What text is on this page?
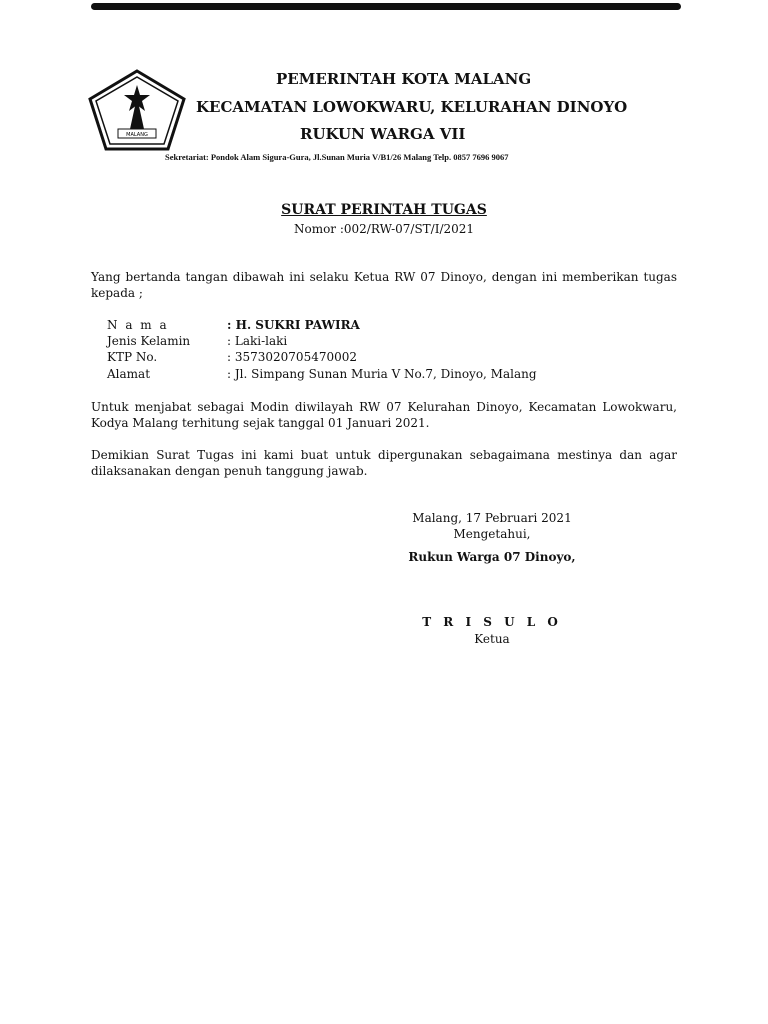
MALANG
PEMERINTAH KOTA MALANG
KECAMATAN LOWOKWARU, KELURAHAN DINOYO
RUKUN WARGA VII
Sekretariat: Pondok Alam Sigura-Gura, Jl.Sunan Muria V/B1/26 Malang Telp. 0857 7696 9067
SURAT PERINTAH TUGAS
Nomor :002/RW-07/ST/I/2021
Yang bertanda tangan dibawah ini selaku Ketua RW 07 Dinoyo, dengan ini memberikan tugas kepada ;
N a m a	: H. SUKRI PAWIRA
Jenis Kelamin	: Laki-laki
KTP No.	: 3573020705470002
Alamat	: Jl. Simpang Sunan Muria V No.7, Dinoyo, Malang
Untuk menjabat sebagai Modin diwilayah RW 07 Kelurahan Dinoyo, Kecamatan Lowokwaru, Kodya Malang terhitung sejak tanggal 01 Januari 2021.
Demikian Surat Tugas ini kami buat untuk dipergunakan sebagaimana mestinya dan agar dilaksanakan dengan penuh tanggung jawab.
Malang, 17 Pebruari 2021
Mengetahui,
Rukun Warga 07 Dinoyo,
T R I S U L O
Ketua
